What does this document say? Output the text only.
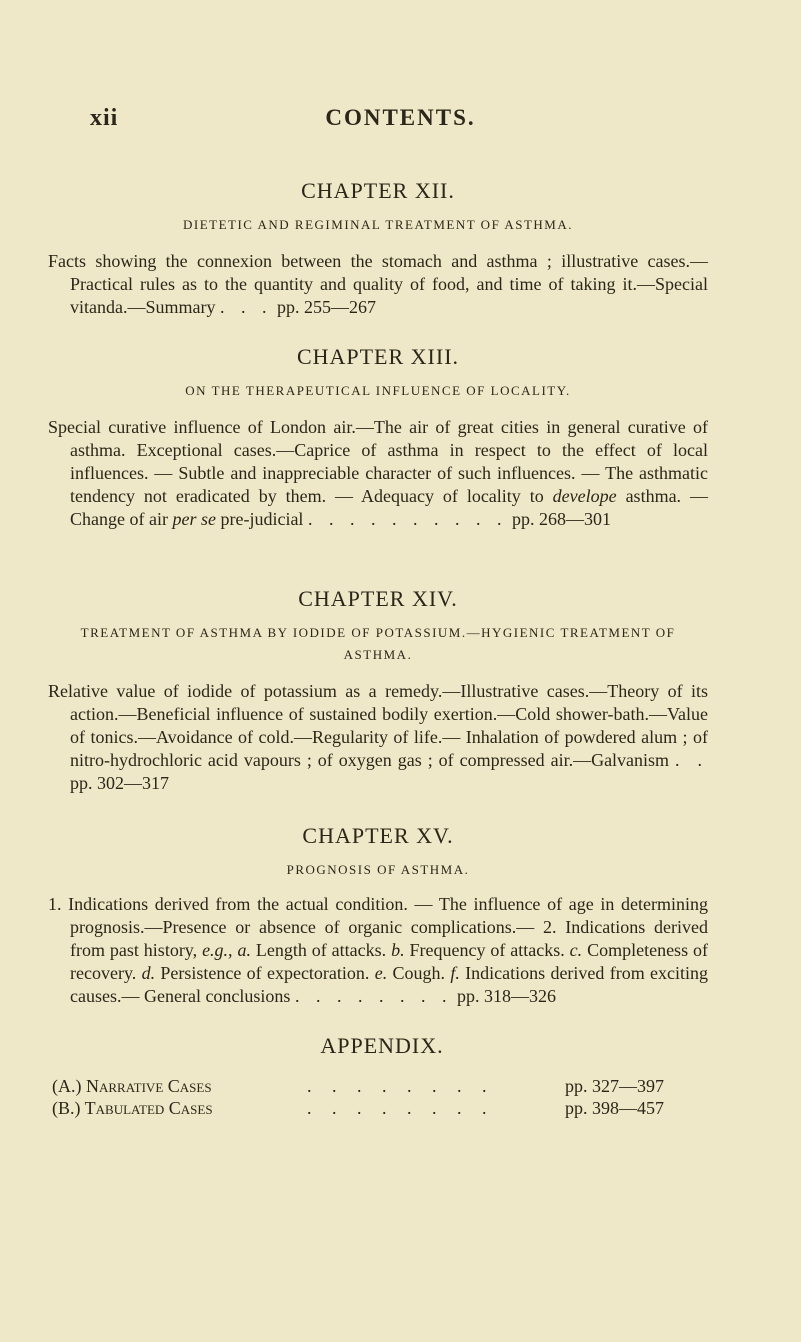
xii	CONTENTS.

CHAPTER XII.

DIETETIC AND REGIMINAL TREATMENT OF ASTHMA.

Facts showing the connexion between the stomach and asthma ; illustrative cases.—Practical rules as to the quantity and quality of food, and time of taking it.—Special vitanda.—Summary . . . pp. 255—267

CHAPTER XIII.

ON THE THERAPEUTICAL INFLUENCE OF LOCALITY.

Special curative influence of London air.—The air of great cities in general curative of asthma. Exceptional cases.—Caprice of asthma in respect to the effect of local influences. — Subtle and inappreciable character of such influences. — The asthmatic tendency not eradicated by them. — Adequacy of locality to develope asthma. — Change of air per se pre-judicial . . . . . . . . . . pp. 268—301

CHAPTER XIV.

TREATMENT OF ASTHMA BY IODIDE OF POTASSIUM.—HYGIENIC TREATMENT OF ASTHMA.

Relative value of iodide of potassium as a remedy.—Illustrative cases.—Theory of its action.—Beneficial influence of sustained bodily exertion.—Cold shower-bath.—Value of tonics.—Avoidance of cold.—Regularity of life.— Inhalation of powdered alum ; of nitro-hydrochloric acid vapours ; of oxygen gas ; of compressed air.—Galvanism . . pp. 302—317

CHAPTER XV.

PROGNOSIS OF ASTHMA.

1. Indications derived from the actual condition. — The influence of age in determining prognosis.—Presence or absence of organic complications.— 2. Indications derived from past history, e.g., a. Length of attacks. b. Frequency of attacks. c. Completeness of recovery. d. Persistence of expectoration. e. Cough. f. Indications derived from exciting causes.— General conclusions . . . . . . . . pp. 318—326

APPENDIX.

(A.) Narrative Cases	. . . . . . . .	pp. 327—397
(B.) Tabulated Cases	. . . . . . . .	pp. 398—457
